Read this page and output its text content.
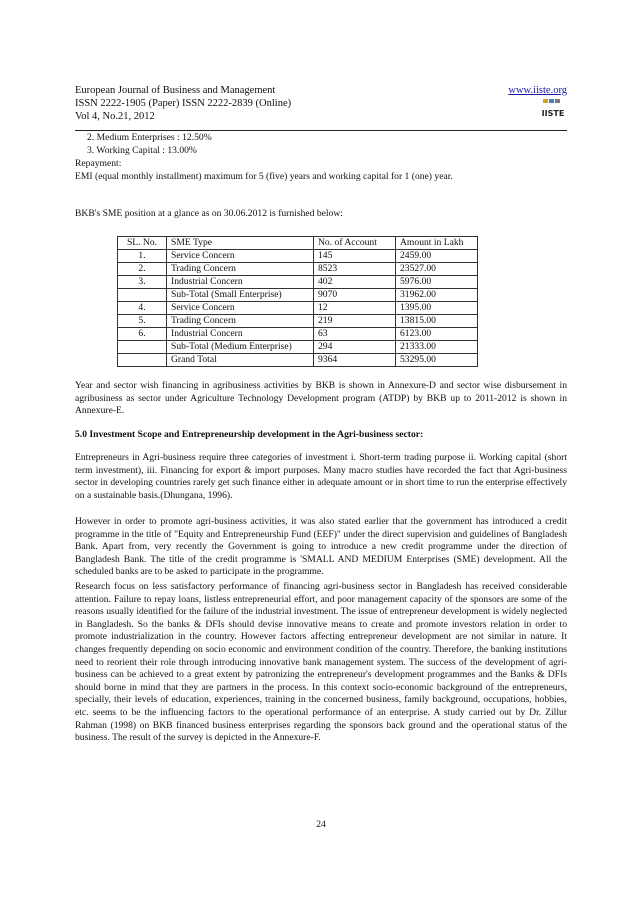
European Journal of Business and Management
ISSN 2222-1905 (Paper) ISSN 2222-2839 (Online)
Vol 4, No.21, 2012
www.iiste.org
IISTE
2. Medium Enterprises : 12.50%
3. Working Capital : 13.00%
Repayment:
EMI (equal monthly installment) maximum for 5 (five) years and working capital for 1 (one) year.
BKB's SME position at a glance as on 30.06.2012 is furnished below:
SL. No.	SME Type	No. of Account	Amount in Lakh
1.	Service Concern	145	2459.00
2.	Trading Concern	8523	23527.00
3.	Industrial Concern	402	5976.00
	Sub-Total (Small Enterprise)	9070	31962.00
4.	Service Concern	12	1395.00
5.	Trading Concern	219	13815.00
6.	Industrial Concern	63	6123.00
	Sub-Total (Medium Enterprise)	294	21333.00
	Grand Total	9364	53295.00
Year and sector wish financing in agribusiness activities by BKB is shown in Annexure-D and sector wise disbursement in agribusiness as sector under Agriculture Technology Development program (ATDP) by BKB up to 2011-2012 is shown in Annexure-E.
5.0 Investment Scope and Entrepreneurship development in the Agri-business sector:
Entrepreneurs in Agri-business require three categories of investment i. Short-term trading purpose ii. Working capital (short term investment), iii. Financing for export & import purposes. Many macro studies have recorded the fact that Agri-business sector in developing countries rarely get such finance either in adequate amount or in short time to run the enterprise effectively on a sustainable basis.(Dhungana, 1996).
However in order to promote agri-business activities, it was also stated earlier that the government has introduced a credit programme in the title of "Equity and Entrepreneurship Fund (EEF)" under the direct supervision and guidelines of Bangladesh Bank. Apart from, very recently the Government is going to introduce a new credit programme under the direction of Bangladesh Bank. The title of the credit programme is 'SMALL AND MEDIUM Enterprises (SME) development. All the scheduled banks are to be asked to participate in the programme.
Research focus on less satisfactory performance of financing agri-business sector in Bangladesh has received considerable attention. Failure to repay loans, listless entrepreneurial effort, and poor management capacity of the sponsors are some of the reasons usually identified for the failure of the industrial investment. The issue of entrepreneur development is widely neglected in Bangladesh. So the banks & DFIs should devise innovative means to create and promote investors relation in order to promote industrialization in the country. However factors affecting entrepreneur development are not similar in nature. It changes frequently depending on socio economic and environment condition of the country. Therefore, the banking institutions need to reorient their role through introducing innovative bank management system. The success of the development of agri-business can be achieved to a great extent by patronizing the entrepreneur's development programmes and the Banks & DFIs should borne in mind that they are partners in the process. In this context socio-economic background of the entrepreneurs, specially, their levels of education, experiences, training in the concerned business, family background, occupations, hobbies, etc. seems to be the influencing factors to the operational performance of an enterprise. A study carried out by Dr. Zillur Rahman (1998) on BKB financed business enterprises regarding the sponsors back ground and the operational status of the business. The result of the survey is depicted in the Annexure-F.
24
